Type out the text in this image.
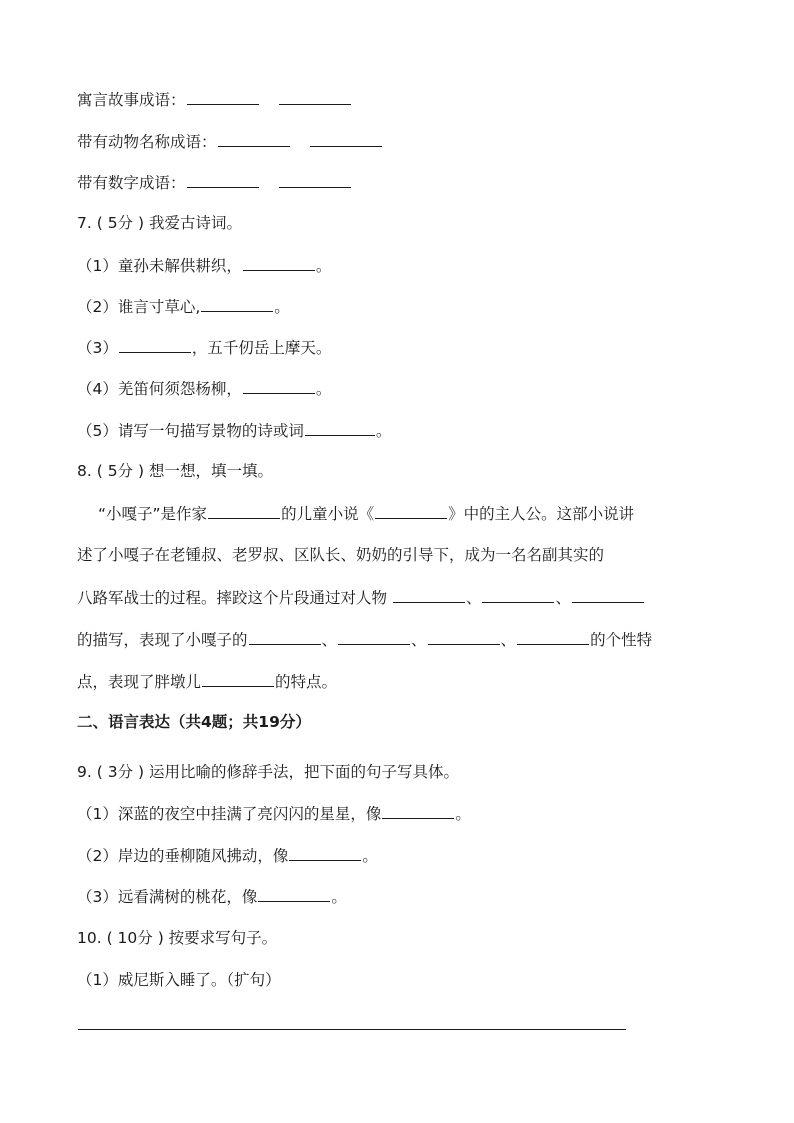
寓言故事成语：
带有动物名称成语：
带有数字成语：
7. ( 5分 ) 我爱古诗词。
（1）童孙未解供耕织，	。
（2）谁言寸草心,	。
（3）	，五千仞岳上摩天。
（4）羌笛何须怨杨柳，	。
（5）请写一句描写景物的诗或词	。
8. ( 5分 ) 想一想，填一填。
“小嘎子”是作家	的儿童小说《	》中的主人公。这部小说讲
述了小嘎子在老锺叔、老罗叔、区队长、奶奶的引导下，成为一名名副其实的
八路军战士的过程。摔跤这个片段通过对人物	、	、
的描写，表现了小嘎子的	、	、	、	的个性特
点，表现了胖墩儿	的特点。
二、语言表达（共4题；共19分）
9. ( 3分 ) 运用比喻的修辞手法，把下面的句子写具体。
（1）深蓝的夜空中挂满了亮闪闪的星星，像	。
（2）岸边的垂柳随风拂动，像	。
（3）远看满树的桃花，像	。
10. ( 10分 ) 按要求写句子。
（1）威尼斯入睡了。（扩句）
